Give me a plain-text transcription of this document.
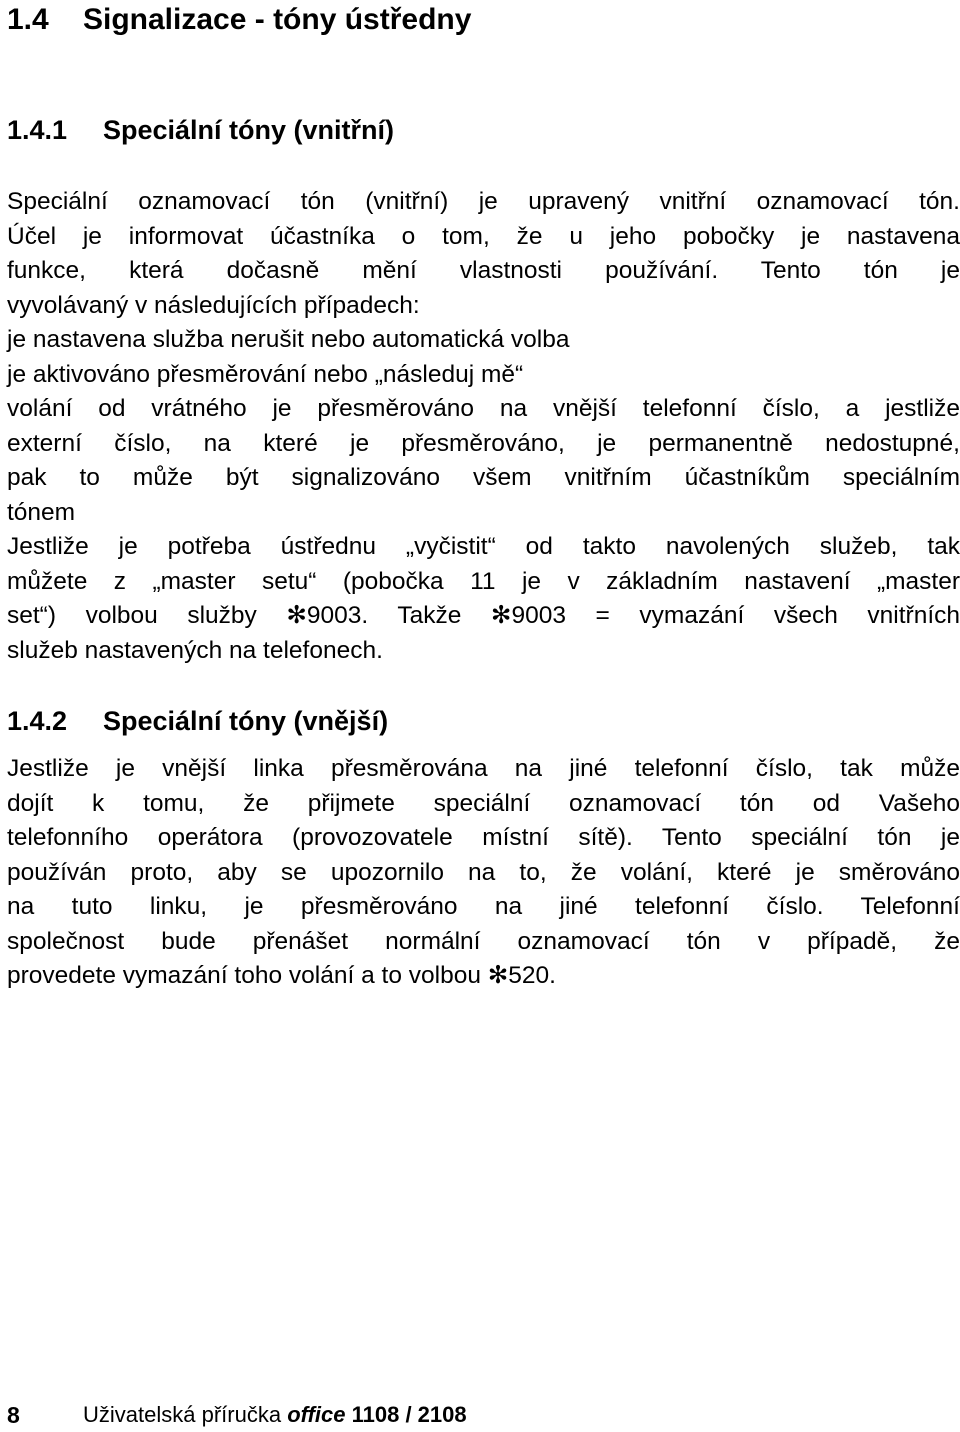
1.4 Signalizace - tóny ústředny
1.4.1 Speciální tóny (vnitřní)
Speciální oznamovací tón (vnitřní) je upravený vnitřní oznamovací tón.
Účel je informovat účastníka o tom, že u jeho pobočky je nastavena
funkce, která dočasně mění vlastnosti používání. Tento tón je
vyvolávaný v následujících případech:
je nastavena služba nerušit nebo automatická volba
je aktivováno přesměrování nebo „následuj mě“
volání od vrátného je přesměrováno na vnější telefonní číslo, a jestliže
externí číslo, na které je přesměrováno, je permanentně nedostupné,
pak to může být signalizováno všem vnitřním účastníkům speciálním
tónem
Jestliže je potřeba ústřednu „vyčistit“ od takto navolených služeb, tak
můžete z „master setu“ (pobočka 11 je v základním nastavení „master
set“) volbou služby ✻9003. Takže ✻9003 = vymazání všech vnitřních
služeb nastavených na telefonech.
1.4.2 Speciální tóny (vnější)
Jestliže je vnější linka přesměrována na jiné telefonní číslo, tak může
dojít k tomu, že přijmete speciální oznamovací tón od Vašeho
telefonního operátora (provozovatele místní sítě). Tento speciální tón je
používán proto, aby se upozornilo na to, že volání, které je směrováno
na tuto linku, je přesměrováno na jiné telefonní číslo. Telefonní
společnost bude přenášet normální oznamovací tón v případě, že
provedete vymazání toho volání a to volbou ✻520.
8	Uživatelská příručka office 1108 / 2108
